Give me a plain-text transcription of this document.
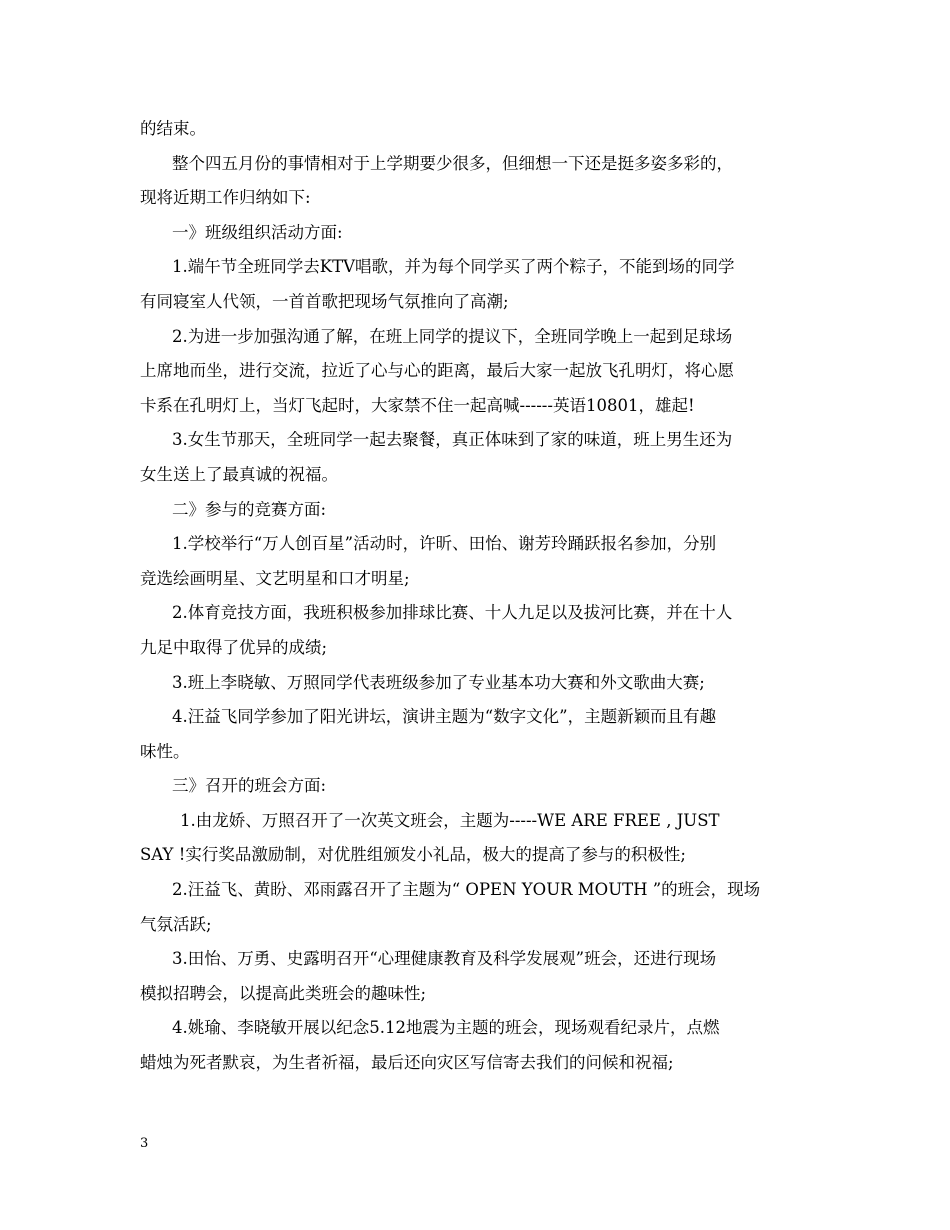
的结束。
整个四五月份的事情相对于上学期要少很多，但细想一下还是挺多姿多彩的，
现将近期工作归纳如下:
一》班级组织活动方面:
1.端午节全班同学去KTV唱歌，并为每个同学买了两个粽子，不能到场的同学
有同寝室人代领，一首首歌把现场气氛推向了高潮;
2.为进一步加强沟通了解，在班上同学的提议下，全班同学晚上一起到足球场
上席地而坐，进行交流，拉近了心与心的距离，最后大家一起放飞孔明灯，将心愿
卡系在孔明灯上，当灯飞起时，大家禁不住一起高喊------英语10801，雄起!
3.女生节那天，全班同学一起去聚餐，真正体味到了家的味道，班上男生还为
女生送上了最真诚的祝福。
二》参与的竞赛方面:
1.学校举行“万人创百星”活动时，许昕、田怡、谢芳玲踊跃报名参加，分别
竞选绘画明星、文艺明星和口才明星;
2.体育竞技方面，我班积极参加排球比赛、十人九足以及拔河比赛，并在十人
九足中取得了优异的成绩;
3.班上李晓敏、万照同学代表班级参加了专业基本功大赛和外文歌曲大赛;
4.汪益飞同学参加了阳光讲坛，演讲主题为“数字文化”，主题新颖而且有趣
味性。
三》召开的班会方面:
1.由龙娇、万照召开了一次英文班会，主题为-----WE ARE FREE , JUST
SAY !实行奖品激励制，对优胜组颁发小礼品，极大的提高了参与的积极性;
2.汪益飞、黄盼、邓雨露召开了主题为“ OPEN YOUR MOUTH ”的班会，现场
气氛活跃;
3.田怡、万勇、史露明召开“心理健康教育及科学发展观”班会，还进行现场
模拟招聘会，以提高此类班会的趣味性;
4.姚瑜、李晓敏开展以纪念5.12地震为主题的班会，现场观看纪录片，点燃
蜡烛为死者默哀，为生者祈福，最后还向灾区写信寄去我们的问候和祝福;
3
